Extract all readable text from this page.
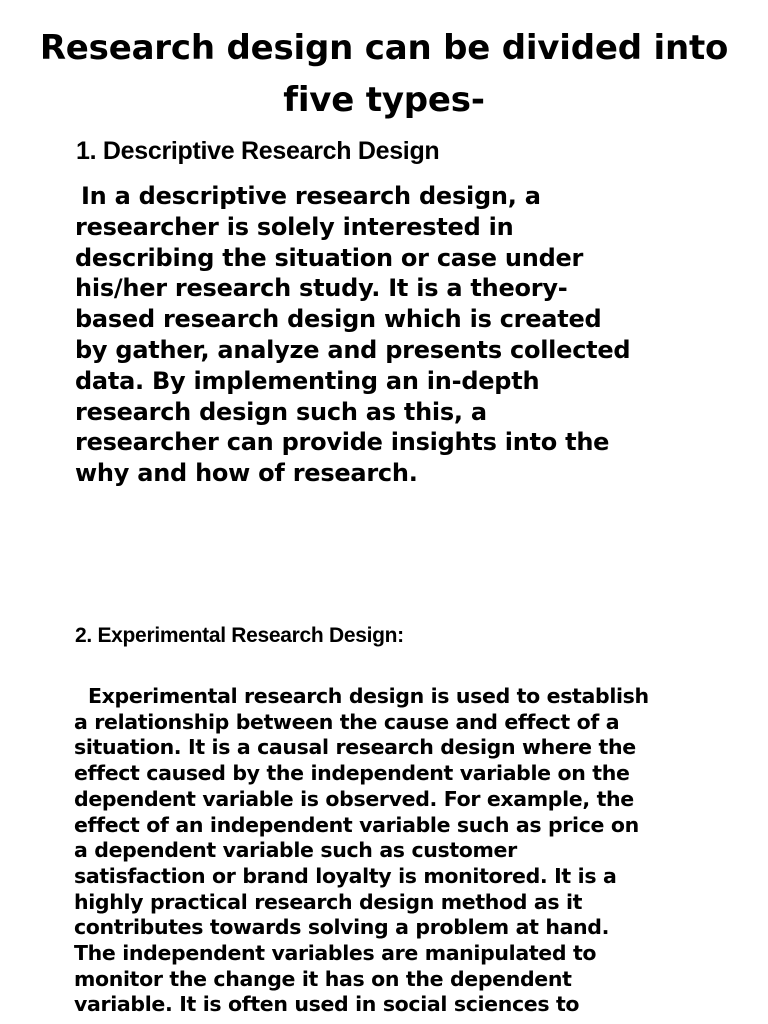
Research design can be divided into five types-
1. Descriptive Research Design
In a descriptive research design, a
researcher is solely interested in
describing the situation or case under
his/her research study. It is a theory-
based research design which is created
by gather, analyze and presents collected
data. By implementing an in-depth
research design such as this, a
researcher can provide insights into the
why and how of research.
2. Experimental Research Design:
Experimental research design is used to establish
a relationship between the cause and effect of a
situation. It is a causal research design where the
effect caused by the independent variable on the
dependent variable is observed. For example, the
effect of an independent variable such as price on
a dependent variable such as customer
satisfaction or brand loyalty is monitored. It is a
highly practical research design method as it
contributes towards solving a problem at hand.
The independent variables are manipulated to
monitor the change it has on the dependent
variable. It is often used in social sciences to
